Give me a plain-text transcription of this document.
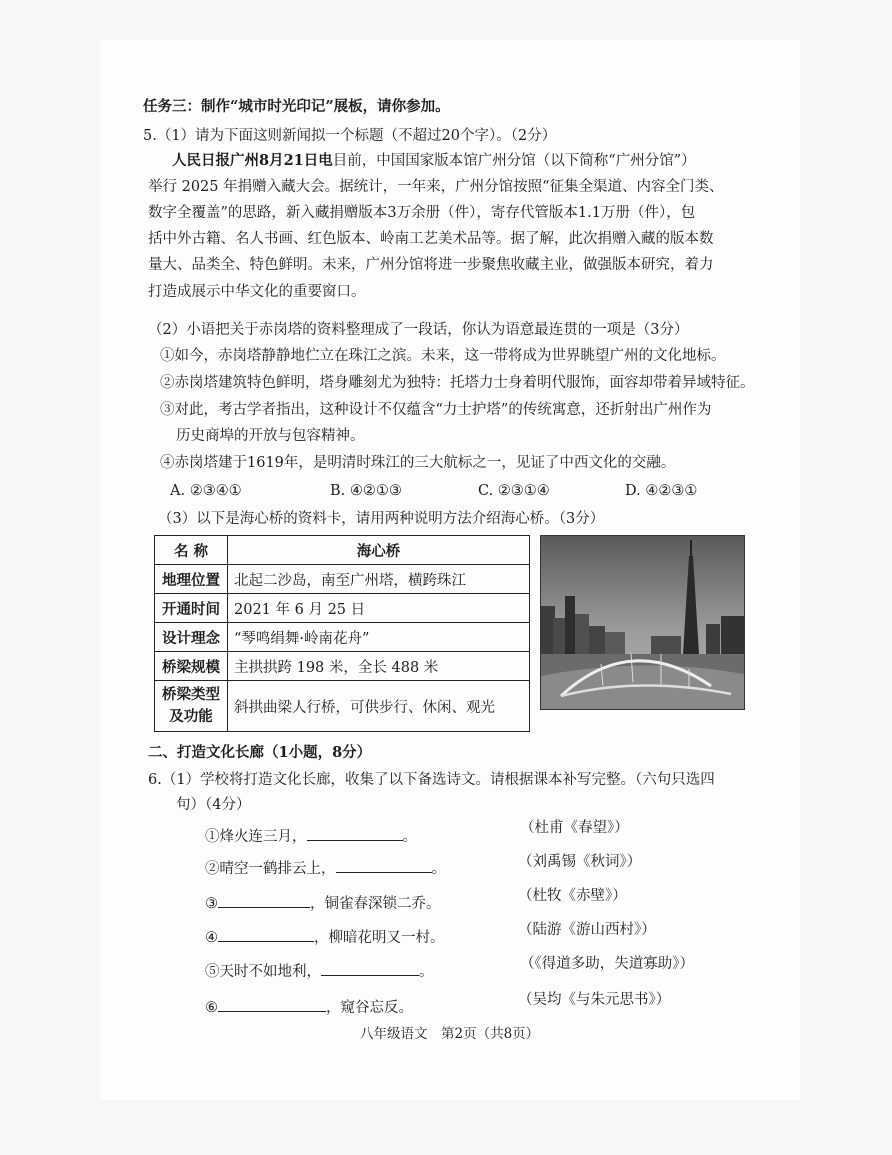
任务三：制作“城市时光印记”展板，请你参加。
5.（1）请为下面这则新闻拟一个标题（不超过20个字）。（2分）
人民日报广州8月21日电目前，中国国家版本馆广州分馆（以下简称“广州分馆”）
举行 2025 年捐赠入藏大会。据统计，一年来，广州分馆按照“征集全渠道、内容全门类、
数字全覆盖”的思路，新入藏捐赠版本3万余册（件），寄存代管版本1.1万册（件），包
括中外古籍、名人书画、红色版本、岭南工艺美术品等。据了解，此次捐赠入藏的版本数
量大、品类全、特色鲜明。未来，广州分馆将进一步聚焦收藏主业，做强版本研究，着力
打造成展示中华文化的重要窗口。
（2）小语把关于赤岗塔的资料整理成了一段话，你认为语意最连贯的一项是（3分）
①如今，赤岗塔静静地伫立在珠江之滨。未来，这一带将成为世界眺望广州的文化地标。
②赤岗塔建筑特色鲜明，塔身雕刻尤为独特：托塔力士身着明代服饰，面容却带着异域特征。
③对此，考古学者指出，这种设计不仅蕴含“力士护塔”的传统寓意，还折射出广州作为
历史商埠的开放与包容精神。
④赤岗塔建于1619年，是明清时珠江的三大航标之一，见证了中西文化的交融。
A. ②③④①	B. ④②①③	C. ②③①④	D. ④②③①
（3）以下是海心桥的资料卡，请用两种说明方法介绍海心桥。（3分）
名 称	海心桥
地理位置	北起二沙岛，南至广州塔，横跨珠江
开通时间	2021 年 6 月 25 日
设计理念	“琴鸣绢舞·岭南花舟”
桥梁规模	主拱拱跨 198 米，全长 488 米

桥梁类型
及功能	斜拱曲梁人行桥，可供步行、休闲、观光
二、打造文化长廊（1小题，8分）
6.（1）学校将打造文化长廊，收集了以下备选诗文。请根据课本补写完整。（六句只选四
句）（4分）
①烽火连三月，	。
（杜甫《春望》）
②晴空一鹤排云上，	。	（刘禹锡《秋词》）
③	，铜雀春深锁二乔。	（杜牧《赤壁》）
④	，柳暗花明又一村。	（陆游《游山西村》）
⑤天时不如地利，	。	（《得道多助，失道寡助》）
⑥	，窥谷忘反。	（吴均《与朱元思书》）
八年级语文　第2页（共8页）
